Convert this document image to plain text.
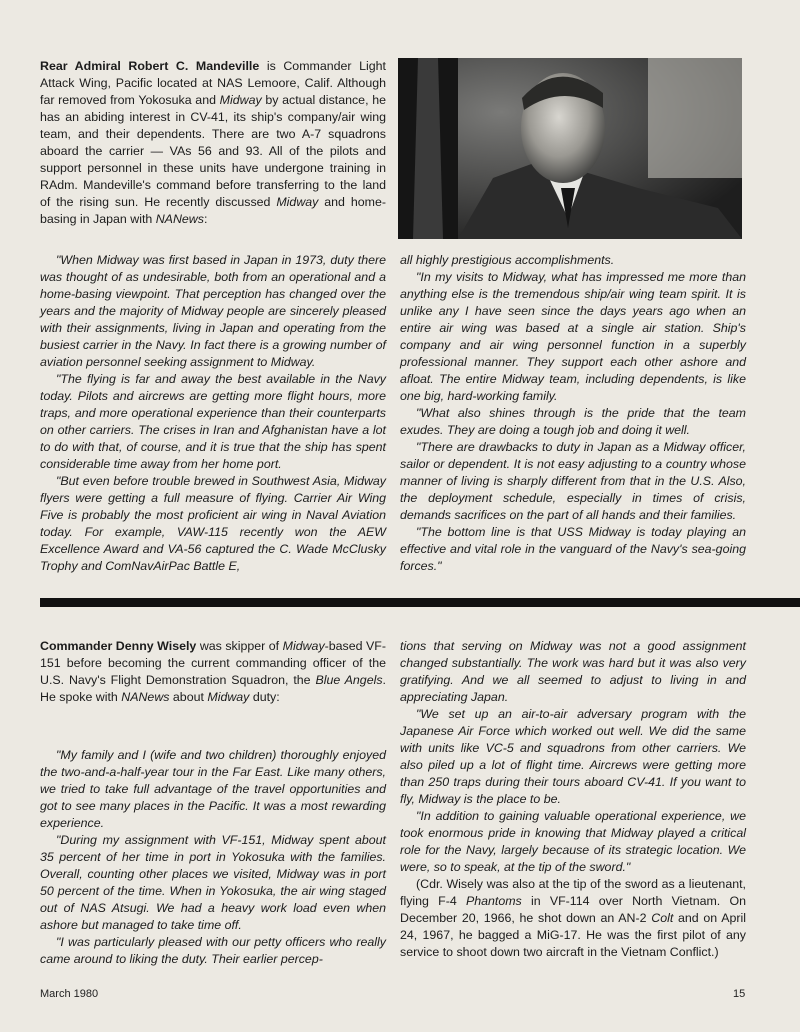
Rear Admiral Robert C. Mandeville is Commander Light Attack Wing, Pacific located at NAS Lemoore, Calif. Although far removed from Yokosuka and Midway by actual distance, he has an abiding interest in CV-41, its ship's company/air wing team, and their dependents. There are two A-7 squadrons aboard the carrier — VAs 56 and 93. All of the pilots and support personnel in these units have undergone training in RAdm. Mandeville's command before transferring to the land of the rising sun. He recently discussed Midway and home-basing in Japan with NANews:

"When Midway was first based in Japan in 1973, duty there was thought of as undesirable, both from an operational and a home-basing viewpoint. That perception has changed over the years and the majority of Midway people are sincerely pleased with their assignments, living in Japan and operating from the busiest carrier in the Navy. In fact there is a growing number of aviation personnel seeking assignment to Midway.

"The flying is far and away the best available in the Navy today. Pilots and aircrews are getting more flight hours, more traps, and more operational experience than their counterparts on other carriers. The crises in Iran and Afghanistan have a lot to do with that, of course, and it is true that the ship has spent considerable time away from her home port.

"But even before trouble brewed in Southwest Asia, Midway flyers were getting a full measure of flying. Carrier Air Wing Five is probably the most proficient air wing in Naval Aviation today. For example, VAW-115 recently won the AEW Excellence Award and VA-56 captured the C. Wade McClusky Trophy and ComNavAirPac Battle E,

all highly prestigious accomplishments.

"In my visits to Midway, what has impressed me more than anything else is the tremendous ship/air wing team spirit. It is unlike any I have seen since the days years ago when an entire air wing was based at a single air station. Ship's company and air wing personnel function in a superbly professional manner. They support each other ashore and afloat. The entire Midway team, including dependents, is like one big, hard-working family.

"What also shines through is the pride that the team exudes. They are doing a tough job and doing it well.

"There are drawbacks to duty in Japan as a Midway officer, sailor or dependent. It is not easy adjusting to a country whose manner of living is sharply different from that in the U.S. Also, the deployment schedule, especially in times of crisis, demands sacrifices on the part of all hands and their families.

"The bottom line is that USS Midway is today playing an effective and vital role in the vanguard of the Navy's sea-going forces."

Commander Denny Wisely was skipper of Midway-based VF-151 before becoming the current commanding officer of the U.S. Navy's Flight Demonstration Squadron, the Blue Angels. He spoke with NANews about Midway duty:

"My family and I (wife and two children) thoroughly enjoyed the two-and-a-half-year tour in the Far East. Like many others, we tried to take full advantage of the travel opportunities and got to see many places in the Pacific. It was a most rewarding experience.

"During my assignment with VF-151, Midway spent about 35 percent of her time in port in Yokosuka with the families. Overall, counting other places we visited, Midway was in port 50 percent of the time. When in Yokosuka, the air wing staged out of NAS Atsugi. We had a heavy work load even when ashore but managed to take time off.

"I was particularly pleased with our petty officers who really came around to liking the duty. Their earlier percep-

tions that serving on Midway was not a good assignment changed substantially. The work was hard but it was also very gratifying. And we all seemed to adjust to living in and appreciating Japan.

"We set up an air-to-air adversary program with the Japanese Air Force which worked out well. We did the same with units like VC-5 and squadrons from other carriers. We also piled up a lot of flight time. Aircrews were getting more than 250 traps during their tours aboard CV-41. If you want to fly, Midway is the place to be.

"In addition to gaining valuable operational experience, we took enormous pride in knowing that Midway played a critical role for the Navy, largely because of its strategic location. We were, so to speak, at the tip of the sword."

(Cdr. Wisely was also at the tip of the sword as a lieutenant, flying F-4 Phantoms in VF-114 over North Vietnam. On December 20, 1966, he shot down an AN-2 Colt and on April 24, 1967, he bagged a MiG-17. He was the first pilot of any service to shoot down two aircraft in the Vietnam Conflict.)

March 1980	15
